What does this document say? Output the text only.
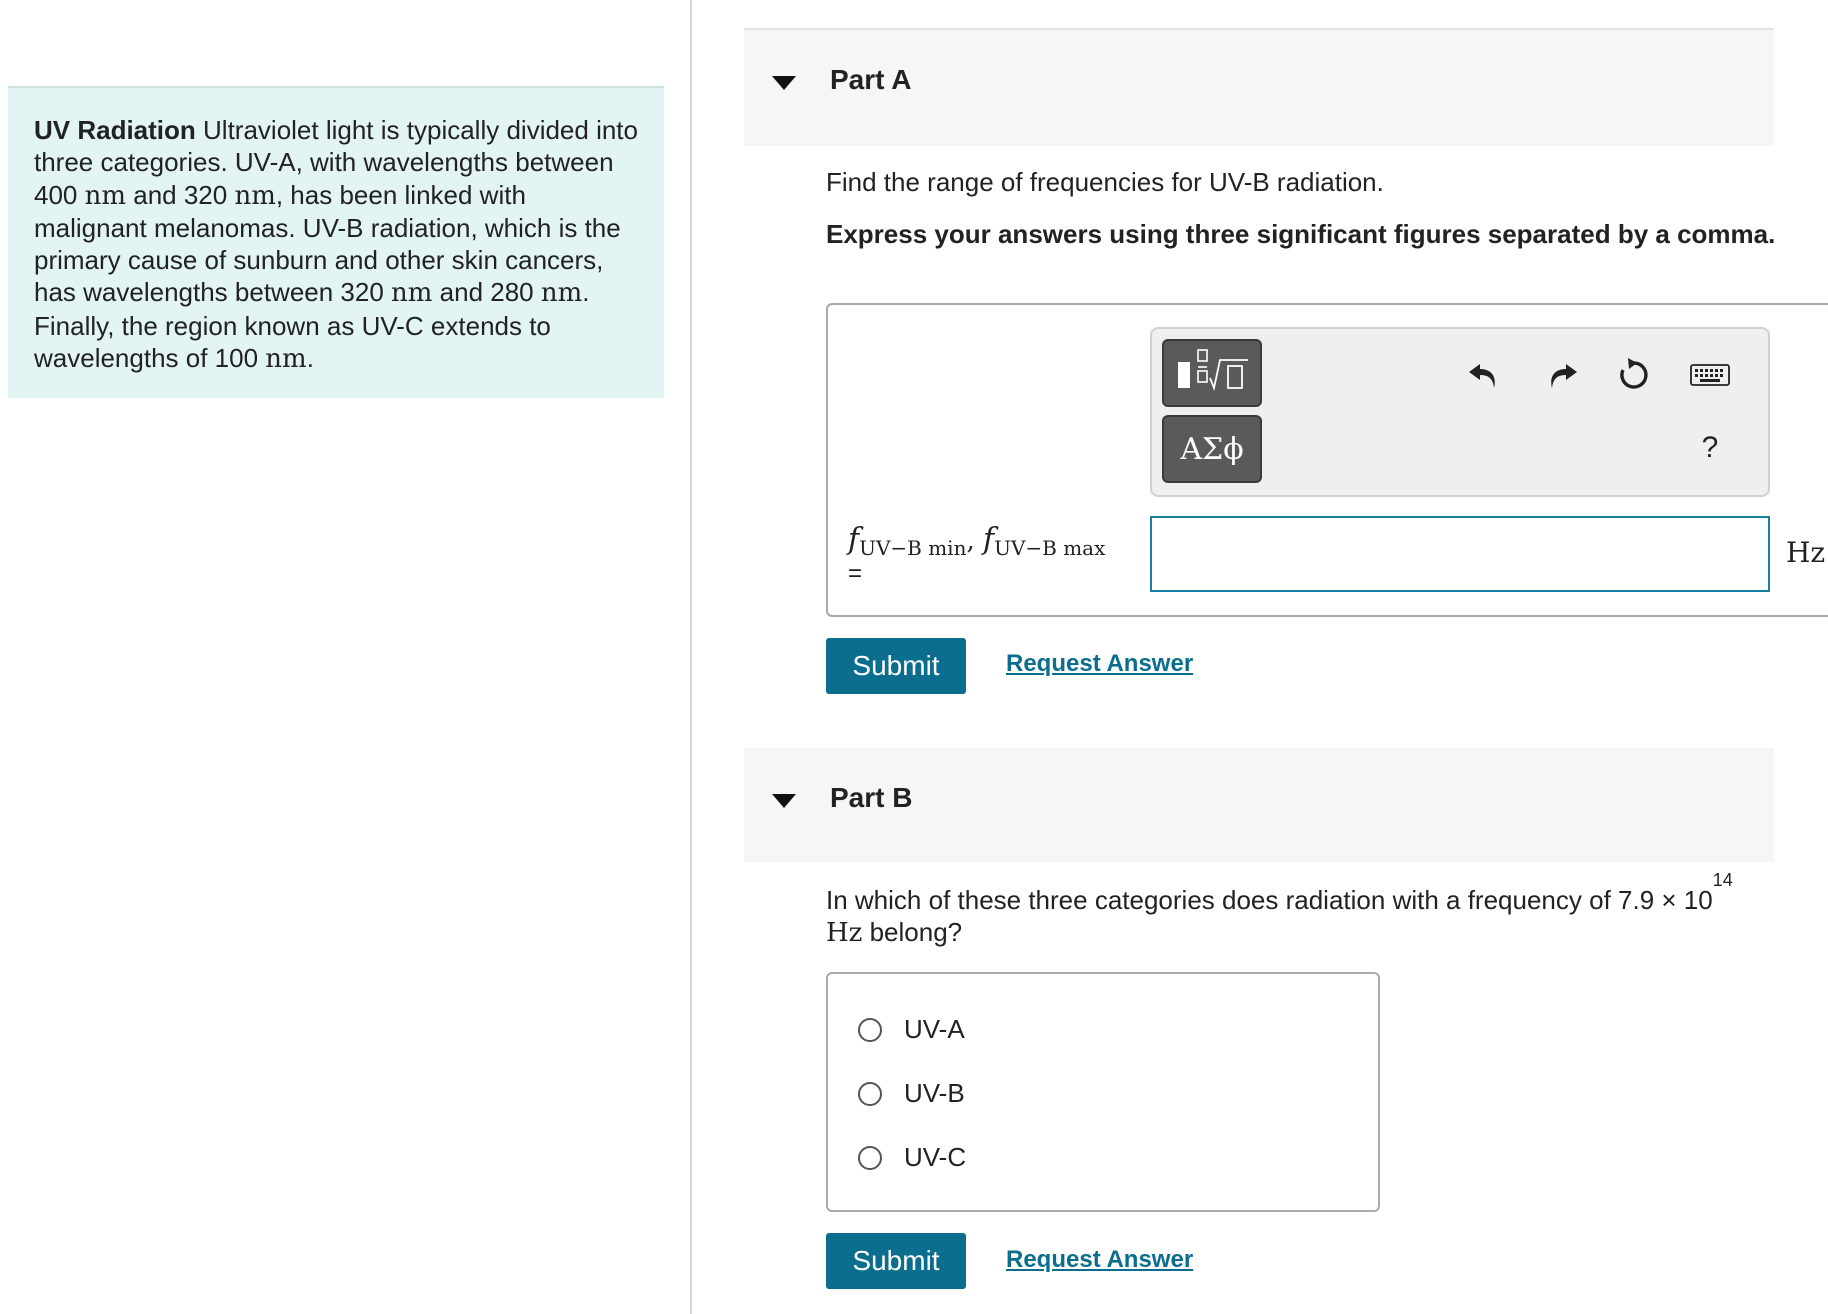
UV Radiation Ultraviolet light is typically divided into three categories. UV-A, with wavelengths between 400 nm and 320 nm, has been linked with malignant melanomas. UV-B radiation, which is the primary cause of sunburn and other skin cancers, has wavelengths between 320 nm and 280 nm. Finally, the region known as UV-C extends to wavelengths of 100 nm.
Part A
Find the range of frequencies for UV-B radiation.
Express your answers using three significant figures separated by a comma.
ΑΣϕ	?
$f_{UV-B min}$, $f_{UV-B max}$
=
Hz
Submit	Request Answer
Part B
In which of these three categories does radiation with a frequency of $7.9 \times 10^{14}$
Hz belong?
UV-A
UV-B
UV-C
Submit	Request Answer
